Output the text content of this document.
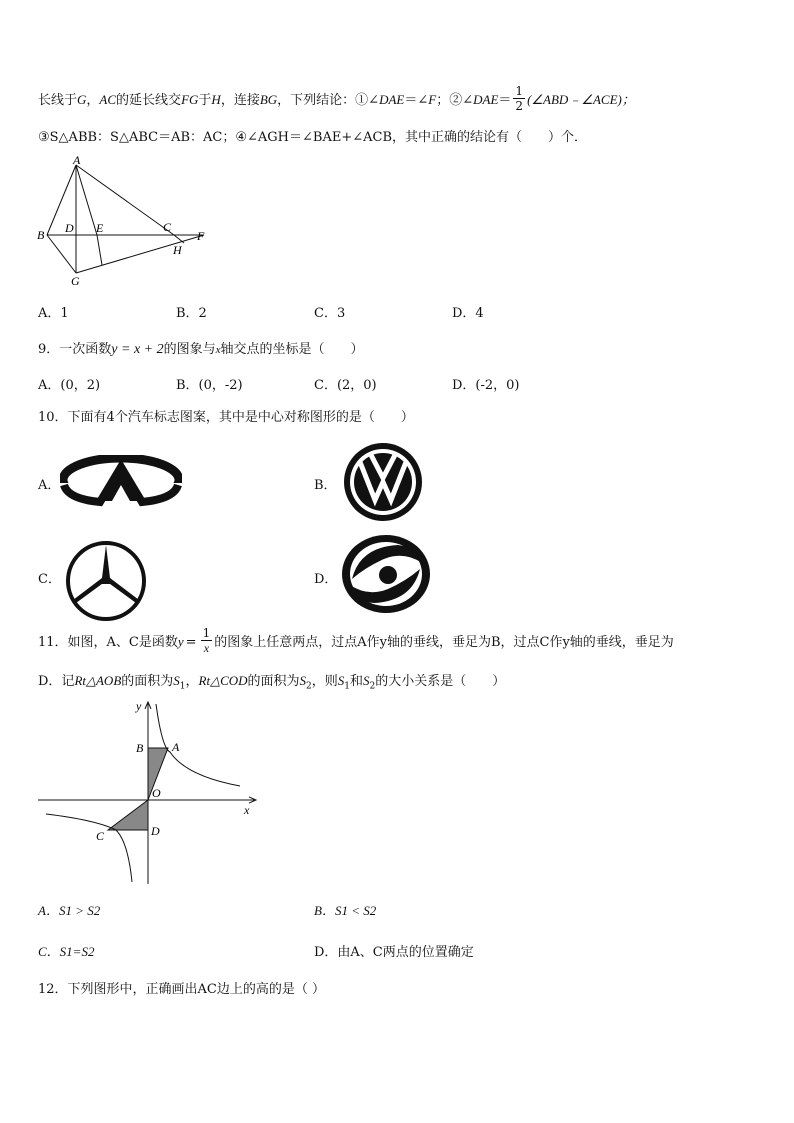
长线于G，AC的延长线交FG于H，连接BG，下列结论：①∠DAE＝∠F；②∠DAE＝ $\frac{1}{2}$ (∠ABD﹣∠ACE)；
③S△ABB：S△ABC＝AB：AC；④∠AGH＝∠BAE+∠ACB，其中正确的结论有（　　）个．
A
B D E	C
F
H
G
A．1	B．2	C．3	D．4
9．一次函数y = x + 2的图象与x轴交点的坐标是（　　）
A．(0，2)	B．(0，-2)	C．(2，0)	D．(-2，0)
10．下面有4个汽车标志图案，其中是中心对称图形的是（　　）
A．	B．
C．	D．
11．如图，A、C是函数$y = \frac{1}{x}$ 的图象上任意两点，过点A作y轴的垂线，垂足为B，过点C作y轴的垂线，垂足为
D．记Rt△AOB的面积为$S_1$，Rt△COD的面积为$S_2$，则$S_1$和$S_2$的大小关系是（　　）
y
B A
O
x
C	D
A．S1 > S2	B．S1 < S2
C．S1=S2	D．由A、C两点的位置确定
12．下列图形中，正确画出AC边上的高的是（ ）
